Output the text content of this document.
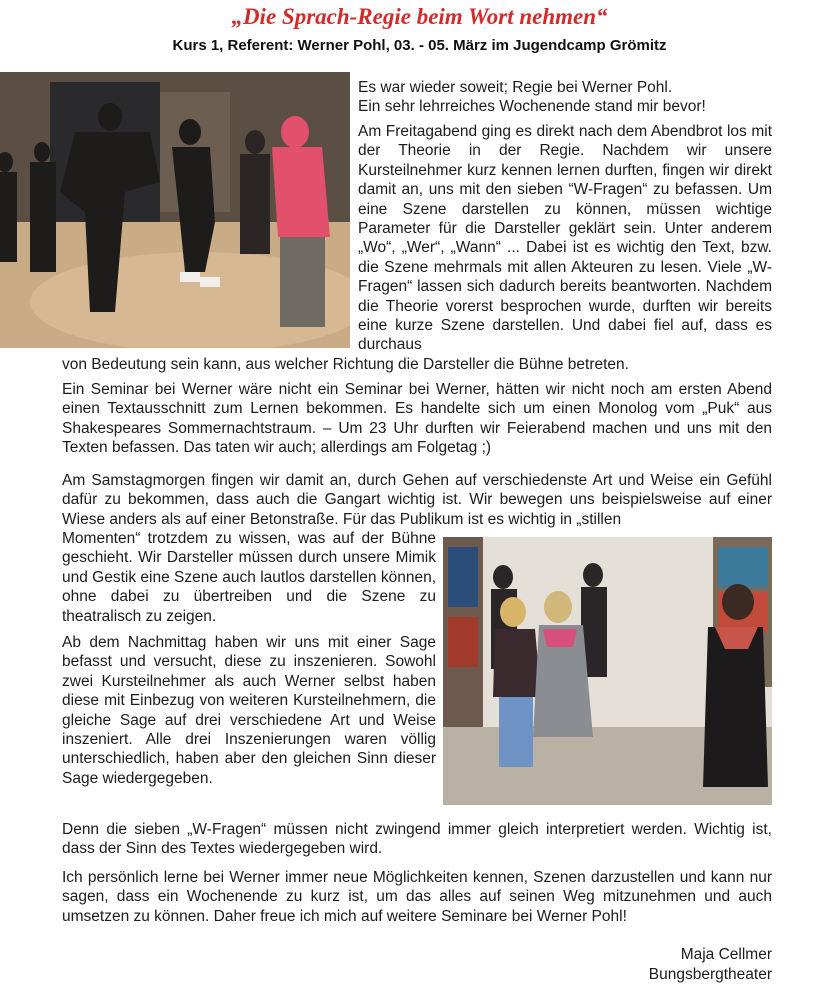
„Die Sprach-Regie beim Wort nehmen“
Kurs 1, Referent: Werner Pohl, 03. - 05. März im Jugendcamp Grömitz

Es war wieder soweit; Regie bei Werner Pohl.

Ein sehr lehrreiches Wochenende stand mir bevor!

Am Freitagabend ging es direkt nach dem Abendbrot los mit der Theorie in der Regie. Nachdem wir unsere Kursteilnehmer kurz kennen lernen durften, fingen wir direkt damit an, uns mit den sieben “W-Fragen“ zu befassen. Um eine Szene darstellen zu können, müssen wichtige Parameter für die Darsteller geklärt sein. Unter anderem „Wo“, „Wer“, „Wann“ ... Dabei ist es wichtig den Text, bzw. die Szene mehrmals mit allen Akteuren zu lesen. Viele „W-Fragen“ lassen sich dadurch bereits beantworten. Nachdem die Theorie vorerst besprochen wurde, durften wir bereits eine kurze Szene darstellen. Und dabei fiel auf, dass es durchaus

von Bedeutung sein kann, aus welcher Richtung die Darsteller die Bühne betreten.

Ein Seminar bei Werner wäre nicht ein Seminar bei Werner, hätten wir nicht noch am ersten Abend einen Textausschnitt zum Lernen bekommen. Es handelte sich um einen Monolog vom „Puk“ aus Shakespeares Sommernachtstraum. – Um 23 Uhr durften wir Feierabend machen und uns mit den Texten befassen. Das taten wir auch; allerdings am Folgetag ;)

Am Samstagmorgen fingen wir damit an, durch Gehen auf verschiedenste Art und Weise ein Gefühl dafür zu bekommen, dass auch die Gangart wichtig ist. Wir bewegen uns beispielsweise auf einer Wiese anders als auf einer Betonstraße. Für das Publikum ist es wichtig in „stillen

Momenten“ trotzdem zu wissen, was auf der Bühne geschieht. Wir Darsteller müssen durch unsere Mimik und Gestik eine Szene auch lautlos darstellen können, ohne dabei zu übertreiben und die Szene zu theatralisch zu zeigen.

Ab dem Nachmittag haben wir uns mit einer Sage befasst und versucht, diese zu inszenieren. Sowohl zwei Kursteilnehmer als auch Werner selbst haben diese mit Einbezug von weiteren Kursteilnehmern, die gleiche Sage auf drei verschiedene Art und Weise inszeniert. Alle drei Inszenierungen waren völlig unterschiedlich, haben aber den gleichen Sinn dieser Sage wiedergegeben.

Denn die sieben „W-Fragen“ müssen nicht zwingend immer gleich interpretiert werden. Wichtig ist, dass der Sinn des Textes wiedergegeben wird.

Ich persönlich lerne bei Werner immer neue Möglichkeiten kennen, Szenen darzustellen und kann nur sagen, dass ein Wochenende zu kurz ist, um das alles auf seinen Weg mitzunehmen und auch umsetzen zu können. Daher freue ich mich auf weitere Seminare bei Werner Pohl!

Maja Cellmer
Bungsbergtheater
